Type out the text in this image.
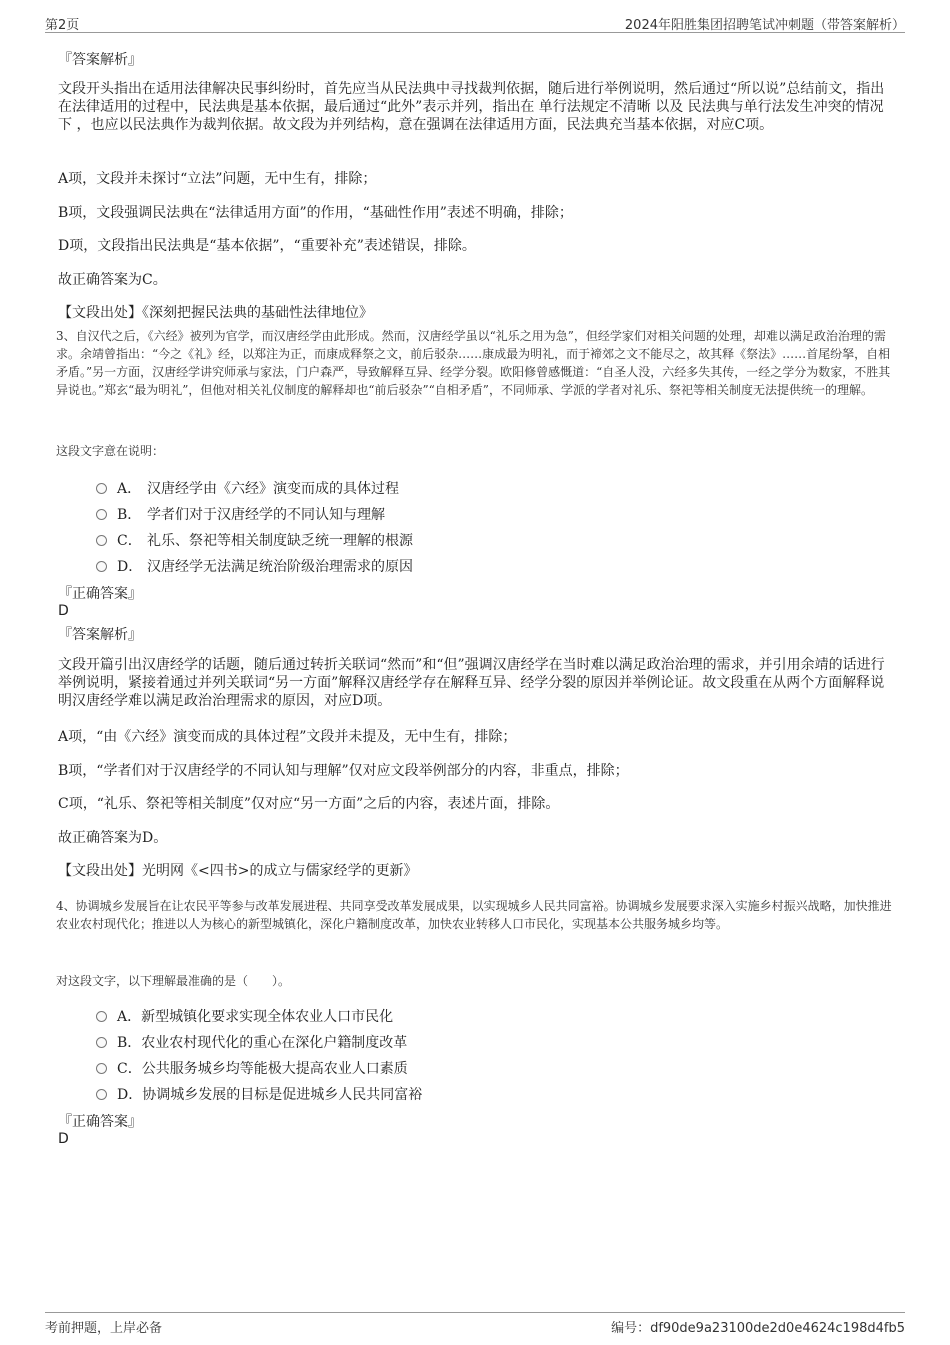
第2页	2024年阳胜集团招聘笔试冲刺题（带答案解析）
『答案解析』
文段开头指出在适用法律解决民事纠纷时，首先应当从民法典中寻找裁判依据，随后进行举例说明，然后通过“所以说”总结前文，指出在法律适用的过程中，民法典是基本依据，最后通过“此外”表示并列，指出在 单行法规定不清晰 以及 民法典与单行法发生冲突的情况下 ，也应以民法典作为裁判依据。故文段为并列结构，意在强调在法律适用方面，民法典充当基本依据，对应C项。
A项，文段并未探讨“立法”问题，无中生有，排除；
B项，文段强调民法典在“法律适用方面”的作用，“基础性作用”表述不明确，排除；
D项，文段指出民法典是“基本依据”，“重要补充”表述错误，排除。
故正确答案为C。
【文段出处】《深刻把握民法典的基础性法律地位》
3、自汉代之后，《六经》被列为官学，而汉唐经学由此形成。然而，汉唐经学虽以“礼乐之用为急”，但经学家们对相关问题的处理，却难以满足政治治理的需求。余靖曾指出：“今之《礼》经，以郑注为正，而康成释祭之文，前后驳杂……康成最为明礼，而于褅郊之文不能尽之，故其释《祭法》……首尾纷拏，自相矛盾。”另一方面，汉唐经学讲究师承与家法，门户森严，导致解释互异、经学分裂。欧阳修曾感慨道：“自圣人没，六经多失其传，一经之学分为数家，不胜其异说也。”郑玄“最为明礼”，但他对相关礼仪制度的解释却也“前后驳杂”“自相矛盾”，不同师承、学派的学者对礼乐、祭祀等相关制度无法提供统一的理解。
这段文字意在说明：
A． 汉唐经学由《六经》演变而成的具体过程
B． 学者们对于汉唐经学的不同认知与理解
C． 礼乐、祭祀等相关制度缺乏统一理解的根源
D． 汉唐经学无法满足统治阶级治理需求的原因
『正确答案』
D
『答案解析』
文段开篇引出汉唐经学的话题，随后通过转折关联词“然而”和“但”强调汉唐经学在当时难以满足政治治理的需求，并引用余靖的话进行举例说明，紧接着通过并列关联词“另一方面”解释汉唐经学存在解释互异、经学分裂的原因并举例论证。故文段重在从两个方面解释说明汉唐经学难以满足政治治理需求的原因，对应D项。
A项，“由《六经》演变而成的具体过程”文段并未提及，无中生有，排除；
B项，“学者们对于汉唐经学的不同认知与理解”仅对应文段举例部分的内容，非重点，排除；
C项，“礼乐、祭祀等相关制度”仅对应“另一方面”之后的内容，表述片面，排除。
故正确答案为D。
【文段出处】光明网《<四书>的成立与儒家经学的更新》
4、协调城乡发展旨在让农民平等参与改革发展进程、共同享受改革发展成果，以实现城乡人民共同富裕。协调城乡发展要求深入实施乡村振兴战略，加快推进农业农村现代化；推进以人为核心的新型城镇化，深化户籍制度改革，加快农业转移人口市民化，实现基本公共服务城乡均等。
对这段文字，以下理解最准确的是（　　）。
A．新型城镇化要求实现全体农业人口市民化
B．农业农村现代化的重心在深化户籍制度改革
C．公共服务城乡均等能极大提高农业人口素质
D．协调城乡发展的目标是促进城乡人民共同富裕
『正确答案』
D
考前押题，上岸必备	编号：df90de9a23100de2d0e4624c198d4fb5
